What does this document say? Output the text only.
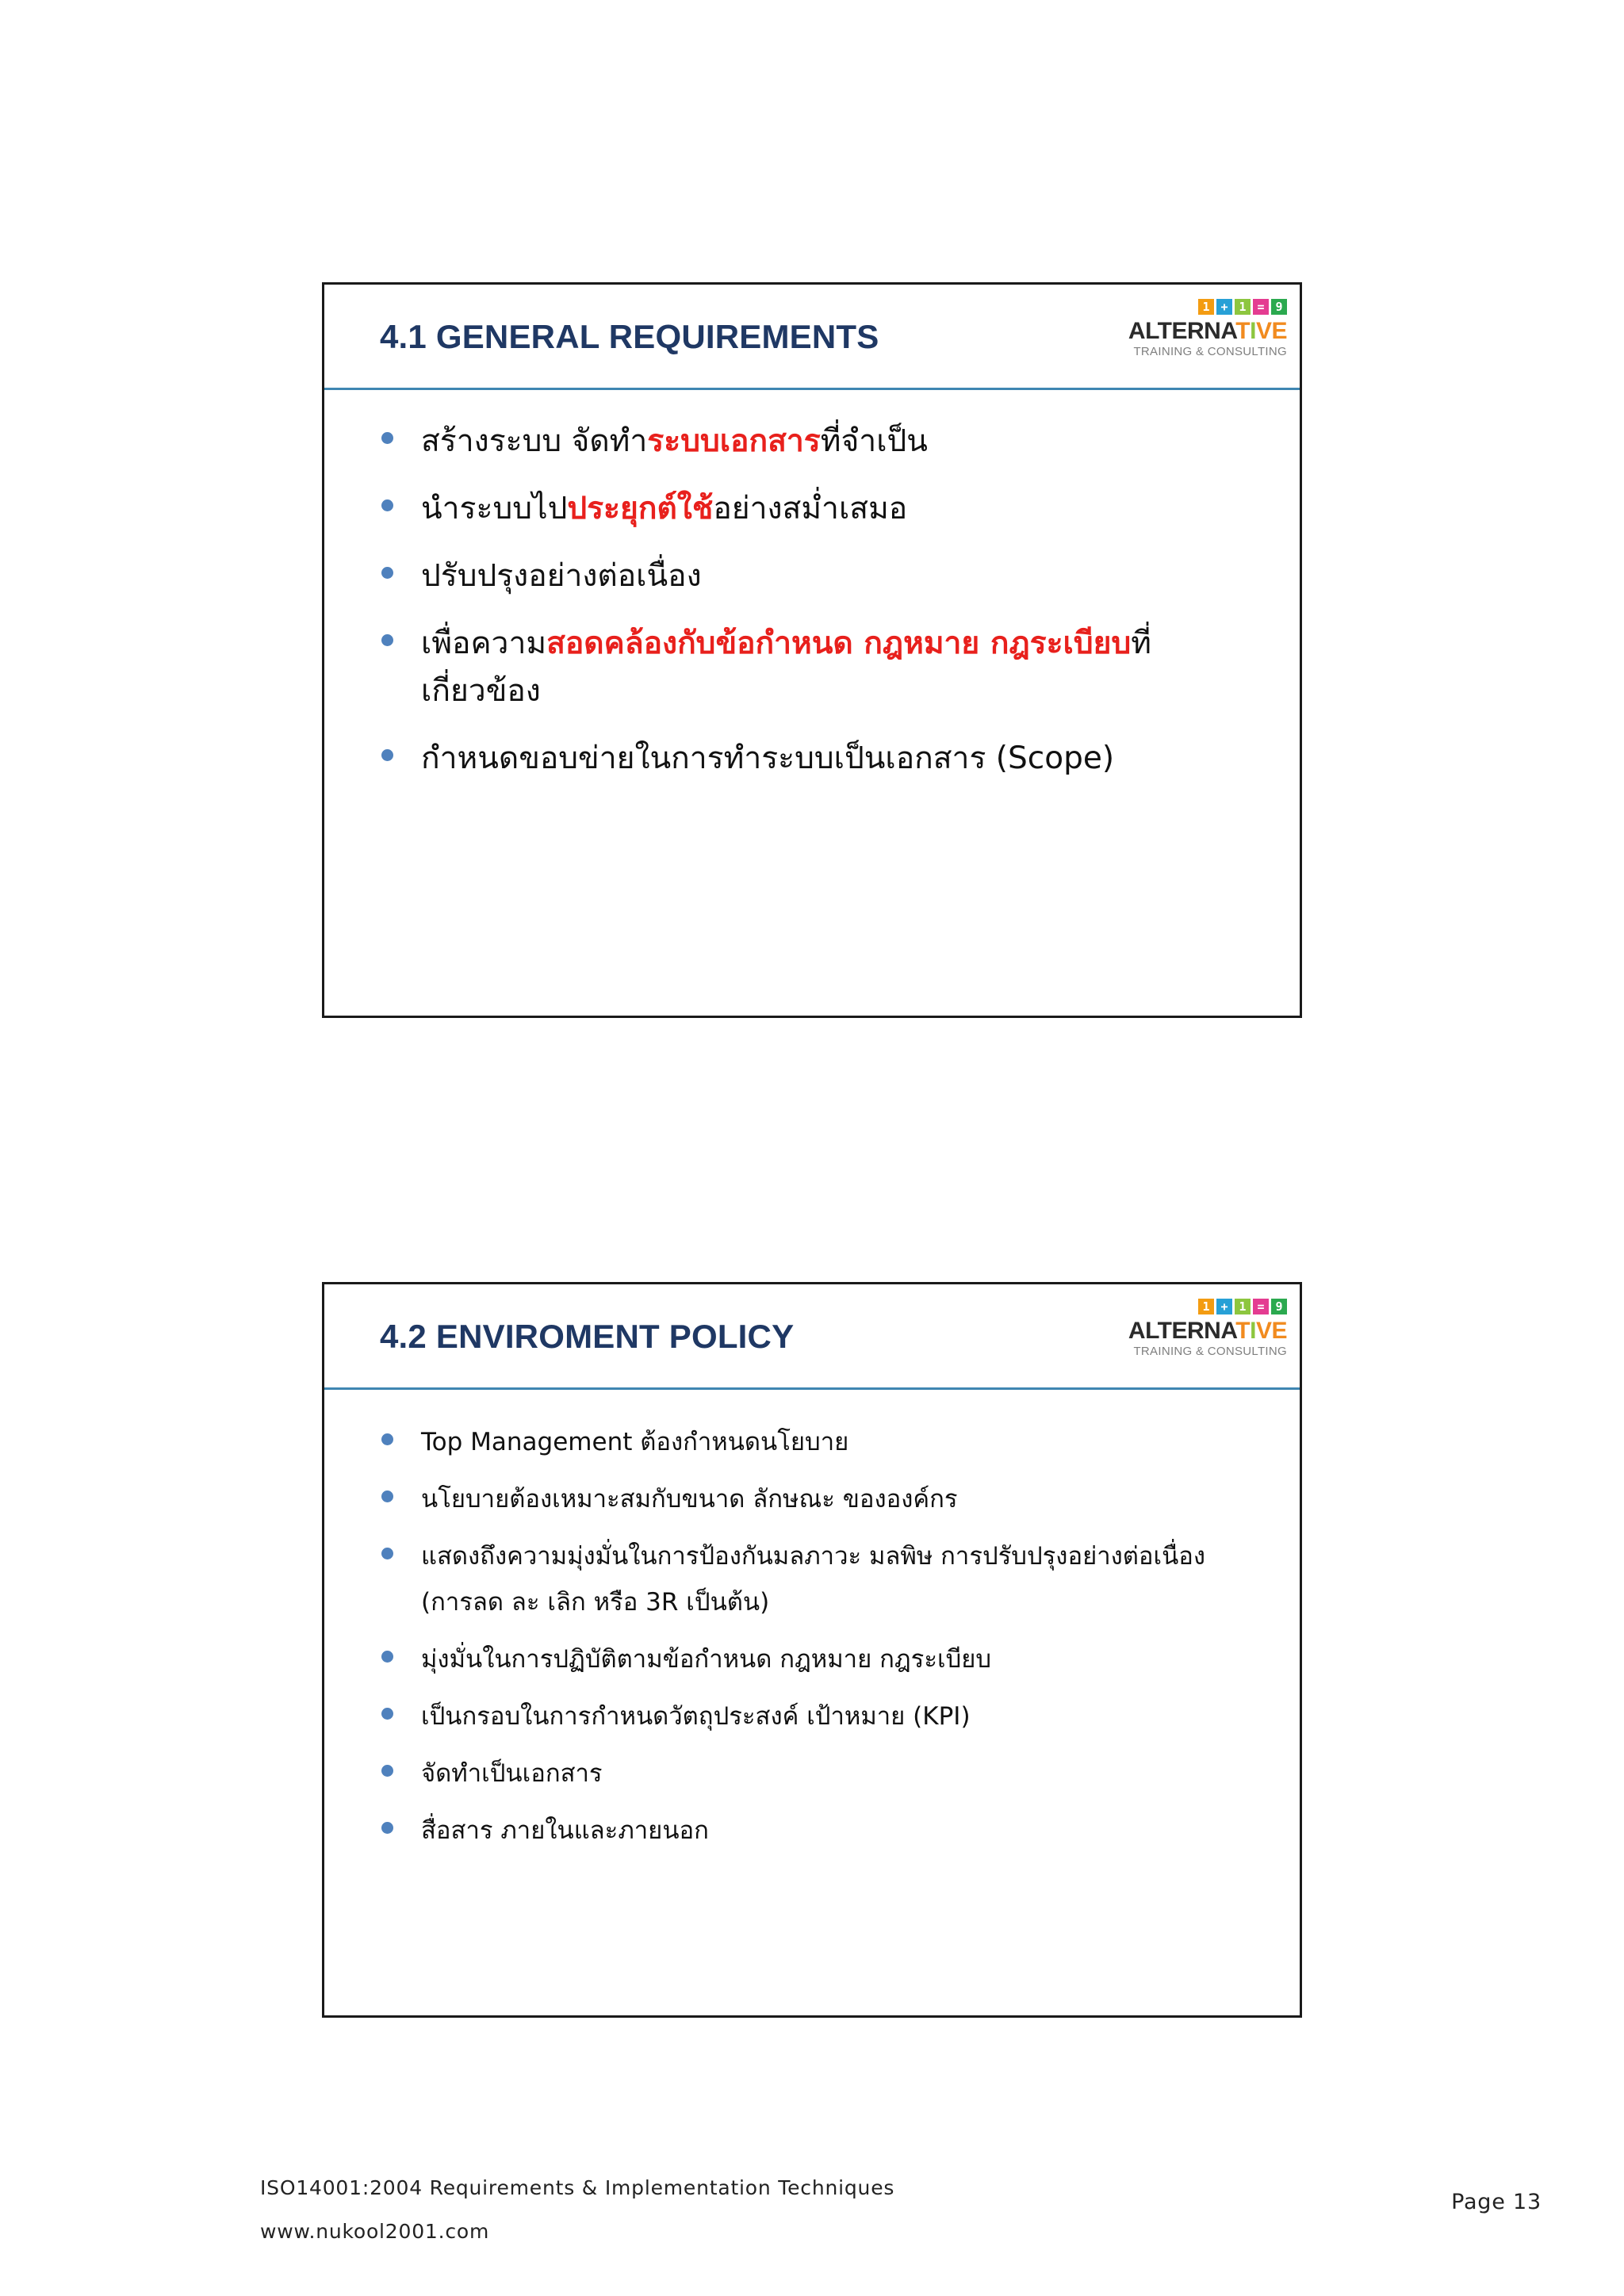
4.1 GENERAL REQUIREMENTS
1 + 1 = 9
ALTERNATIVE
TRAINING & CONSULTING
สร้างระบบ จัดทำระบบเอกสารที่จำเป็น
นำระบบไปประยุกต์ใช้อย่างสม่ำเสมอ
ปรับปรุงอย่างต่อเนื่อง
เพื่อความสอดคล้องกับข้อกำหนด กฎหมาย กฎระเบียบที่เกี่ยวข้อง
กำหนดขอบข่ายในการทำระบบเป็นเอกสาร (Scope)
4.2 ENVIROMENT POLICY
1 + 1 = 9
ALTERNATIVE
TRAINING & CONSULTING
Top Management ต้องกำหนดนโยบาย
นโยบายต้องเหมาะสมกับขนาด ลักษณะ ขององค์กร
แสดงถึงความมุ่งมั่นในการป้องกันมลภาวะ มลพิษ การปรับปรุงอย่างต่อเนื่อง (การลด ละ เลิก หรือ 3R เป็นต้น)
มุ่งมั่นในการปฏิบัติตามข้อกำหนด กฎหมาย กฎระเบียบ
เป็นกรอบในการกำหนดวัตถุประสงค์ เป้าหมาย (KPI)
จัดทำเป็นเอกสาร
สื่อสาร ภายในและภายนอก
ISO14001:2004 Requirements & Implementation Techniques
www.nukool2001.com
Page 13
